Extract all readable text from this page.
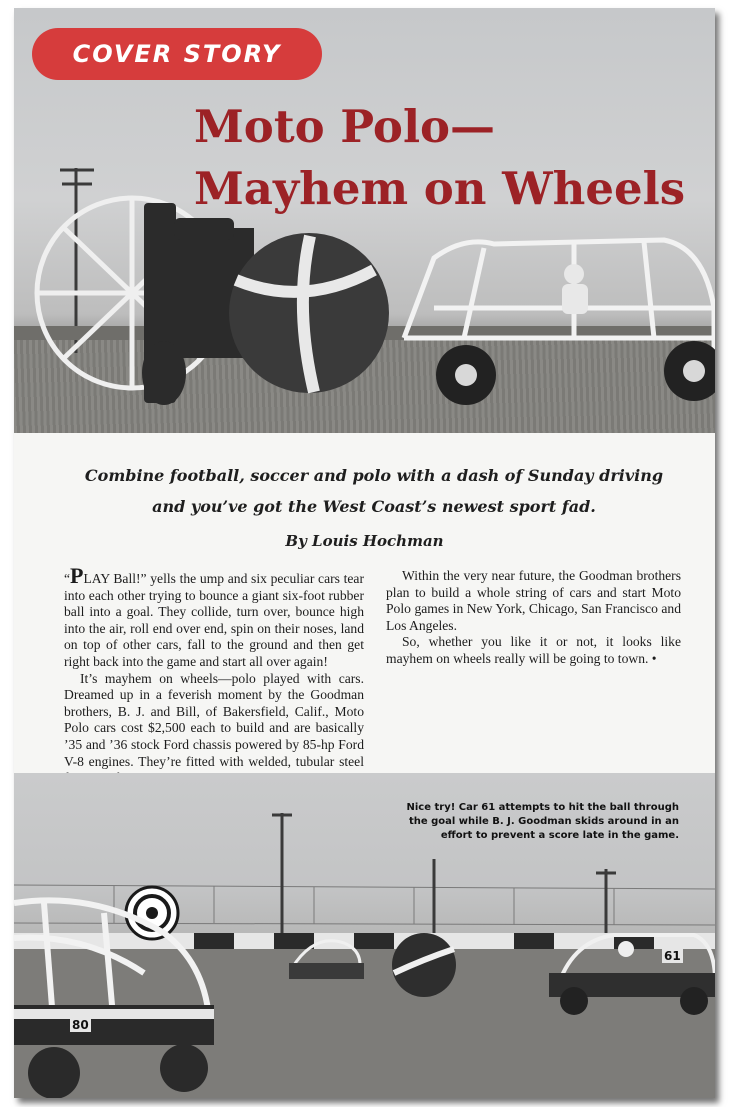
COVER STORY
Moto Polo—
Mayhem on Wheels

Combine football, soccer and polo with a dash of Sunday driving and you’ve got the West Coast’s newest sport fad.

By Louis Hochman

“PLAY Ball!” yells the ump and six peculiar cars tear into each other trying to bounce a giant six-foot rubber ball into a goal. They collide, turn over, bounce high into the air, roll end over end, spin on their noses, land on top of other cars, fall to the ground and then get right back into the game and start all over again!

It’s mayhem on wheels—polo played with cars. Dreamed up in a feverish moment by the Goodman brothers, B. J. and Bill, of Bakersfield, Calif., Moto Polo cars cost $2,500 each to build and are basically ’35 and ’36 stock Ford chassis powered by 85-hp Ford V-8 engines. They’re fitted with welded, tubular steel

Within the very near future, the Goodman brothers plan to build a whole string of cars and start Moto Polo games in New York, Chicago, San Francisco and Los Angeles.

So, whether you like it or not, it looks like mayhem on wheels really will be going to town. •

80
61

Nice try! Car 61 attempts to hit the ball through the goal while B. J. Goodman skids around in an effort to prevent a score late in the game.
